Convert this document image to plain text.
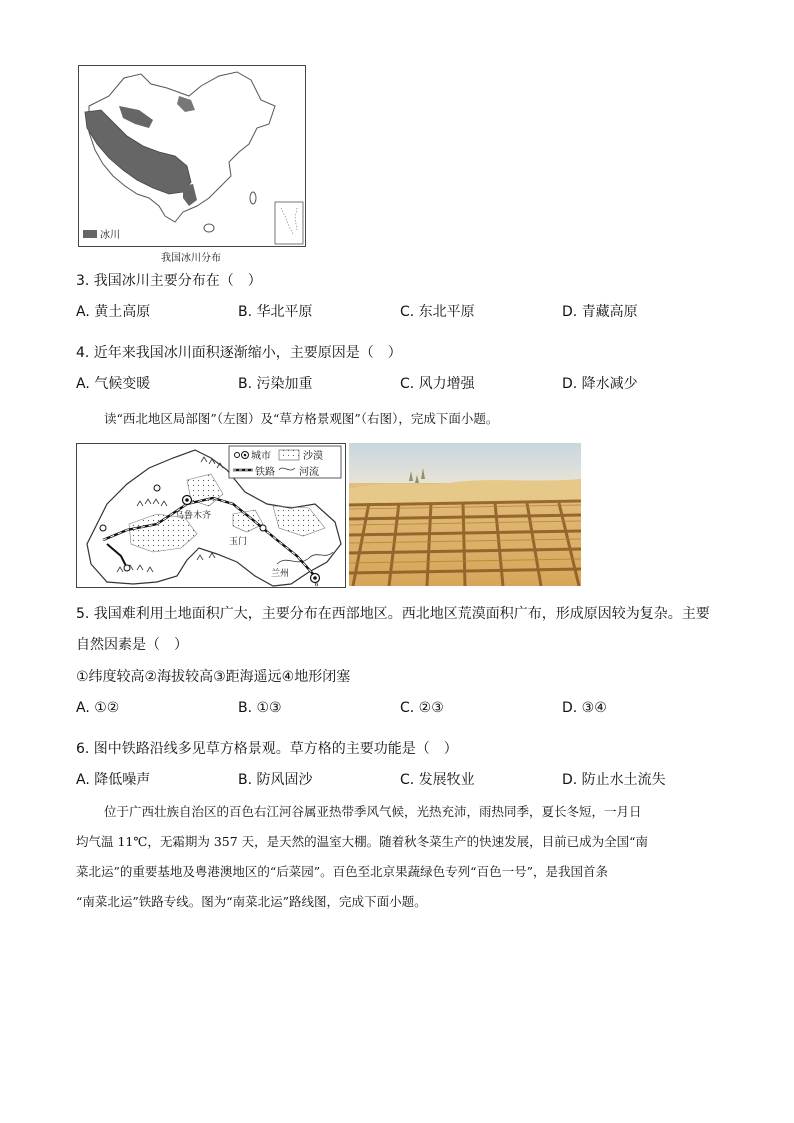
冰川
我国冰川分布
3. 我国冰川主要分布在（　）
A. 黄土高原	B. 华北平原	C. 东北平原	D. 青藏高原
4. 近年来我国冰川面积逐渐缩小，主要原因是（　）
A. 气候变暖	B. 污染加重	C. 风力增强	D. 降水减少
读“西北地区局部图”（左图）及“草方格景观图”（右图），完成下面小题。
城市	沙漠
铁路 河流
乌鲁木齐
玉门
兰州
5. 我国难利用土地面积广大，主要分布在西部地区。西北地区荒漠面积广布，形成原因较为复杂。主要
自然因素是（　）
①纬度较高②海拔较高③距海遥远④地形闭塞
A. ①②	B. ①③	C. ②③	D. ③④
6. 图中铁路沿线多见草方格景观。草方格的主要功能是（　）
A. 降低噪声	B. 防风固沙	C. 发展牧业	D. 防止水土流失
位于广西壮族自治区的百色右江河谷属亚热带季风气候，光热充沛，雨热同季，夏长冬短，一月日
均气温 11℃，无霜期为 357 天，是天然的温室大棚。随着秋冬菜生产的快速发展，目前已成为全国“南
菜北运”的重要基地及粤港澳地区的“后菜园”。百色至北京果蔬绿色专列“百色一号”，是我国首条
“南菜北运”铁路专线。图为“南菜北运”路线图，完成下面小题。
